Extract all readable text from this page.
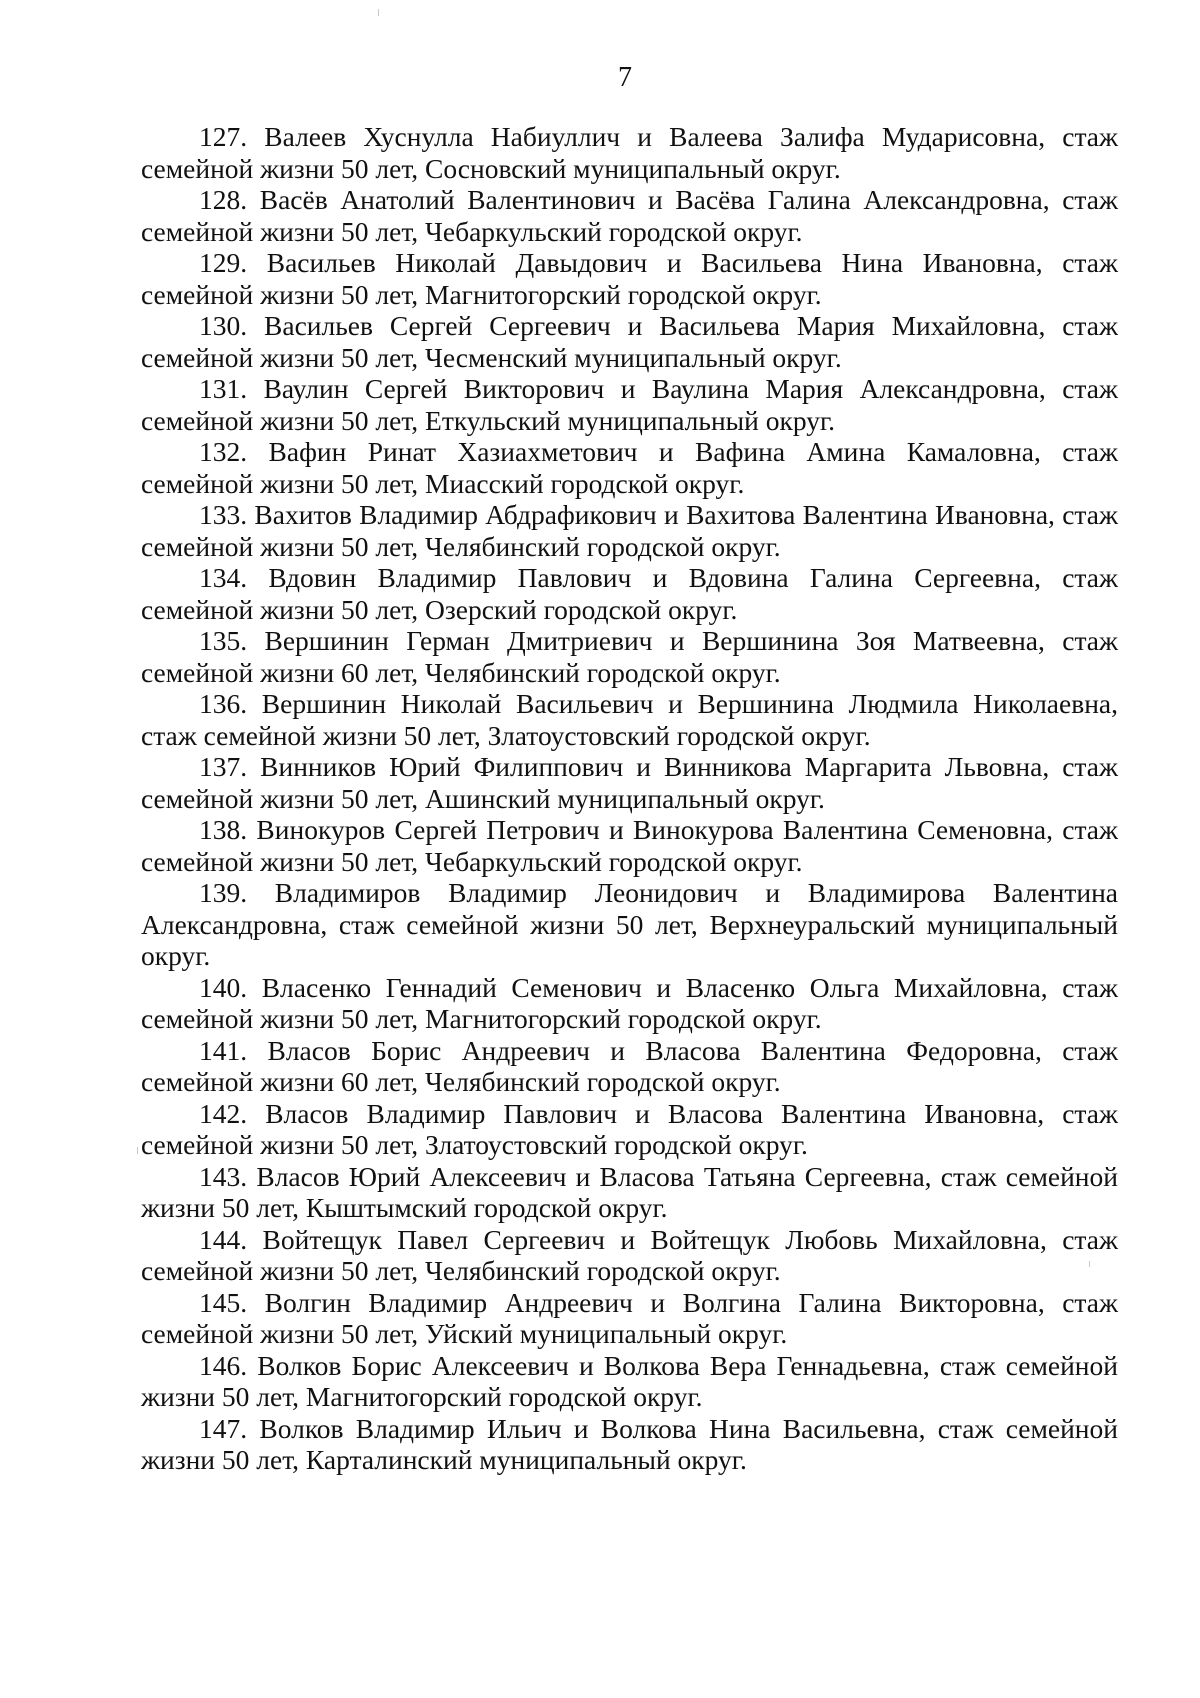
7

127. Валеев Хуснулла Набиуллич и Валеева Залифа Мударисовна, стаж семейной жизни 50 лет, Сосновский муниципальный округ.

128. Васёв Анатолий Валентинович и Васёва Галина Александровна, стаж семейной жизни 50 лет, Чебаркульский городской округ.

129. Васильев Николай Давыдович и Васильева Нина Ивановна, стаж семейной жизни 50 лет, Магнитогорский городской округ.

130. Васильев Сергей Сергеевич и Васильева Мария Михайловна, стаж семейной жизни 50 лет, Чесменский муниципальный округ.

131. Ваулин Сергей Викторович и Ваулина Мария Александровна, стаж семейной жизни 50 лет, Еткульский муниципальный округ.

132. Вафин Ринат Хазиахметович и Вафина Амина Камаловна, стаж семейной жизни 50 лет, Миасский городской округ.

133. Вахитов Владимир Абдрафикович и Вахитова Валентина Ивановна, стаж семейной жизни 50 лет, Челябинский городской округ.

134. Вдовин Владимир Павлович и Вдовина Галина Сергеевна, стаж семейной жизни 50 лет, Озерский городской округ.

135. Вершинин Герман Дмитриевич и Вершинина Зоя Матвеевна, стаж семейной жизни 60 лет, Челябинский городской округ.

136. Вершинин Николай Васильевич и Вершинина Людмила Николаевна, стаж семейной жизни 50 лет, Златоустовский городской округ.

137. Винников Юрий Филиппович и Винникова Маргарита Львовна, стаж семейной жизни 50 лет, Ашинский муниципальный округ.

138. Винокуров Сергей Петрович и Винокурова Валентина Семеновна, стаж семейной жизни 50 лет, Чебаркульский городской округ.

139. Владимиров Владимир Леонидович и Владимирова Валентина Александровна, стаж семейной жизни 50 лет, Верхнеуральский муниципальный округ.

140. Власенко Геннадий Семенович и Власенко Ольга Михайловна, стаж семейной жизни 50 лет, Магнитогорский городской округ.

141. Власов Борис Андреевич и Власова Валентина Федоровна, стаж семейной жизни 60 лет, Челябинский городской округ.

142. Власов Владимир Павлович и Власова Валентина Ивановна, стаж семейной жизни 50 лет, Златоустовский городской округ.

143. Власов Юрий Алексеевич и Власова Татьяна Сергеевна, стаж семейной жизни 50 лет, Кыштымский городской округ.

144. Войтещук Павел Сергеевич и Войтещук Любовь Михайловна, стаж семейной жизни 50 лет, Челябинский городской округ.

145. Волгин Владимир Андреевич и Волгина Галина Викторовна, стаж семейной жизни 50 лет, Уйский муниципальный округ.

146. Волков Борис Алексеевич и Волкова Вера Геннадьевна, стаж семейной жизни 50 лет, Магнитогорский городской округ.

147. Волков Владимир Ильич и Волкова Нина Васильевна, стаж семейной жизни 50 лет, Карталинский муниципальный округ.
